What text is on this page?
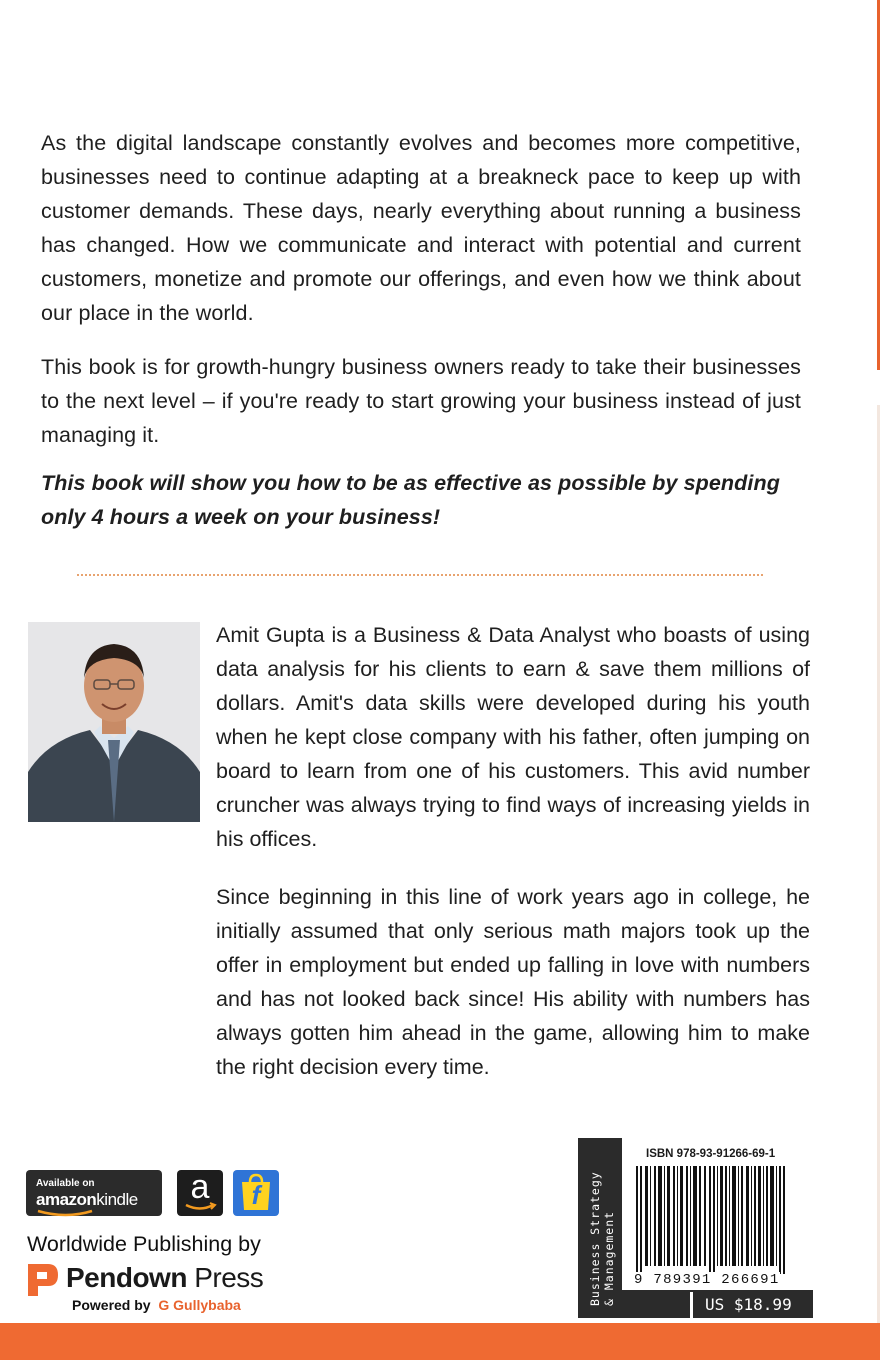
As the digital landscape constantly evolves and becomes more competitive, businesses need to continue adapting at a breakneck pace to keep up with customer demands. These days, nearly everything about running a business has changed. How we communicate and interact with potential and current customers, monetize and promote our offerings, and even how we think about our place in the world.

This book is for growth-hungry business owners ready to take their businesses to the next level – if you're ready to start growing your business instead of just managing it.

This book will show you how to be as effective as possible by spending only 4 hours a week on your business!

Amit Gupta is a Business & Data Analyst who boasts of using data analysis for his clients to earn & save them millions of dollars. Amit's data skills were developed during his youth when he kept close company with his father, often jumping on board to learn from one of his customers. This avid number cruncher was always trying to find ways of increasing yields in his offices.

Since beginning in this line of work years ago in college, he initially assumed that only serious math majors took up the offer in employment but ended up falling in love with numbers and has not looked back since! His ability with numbers has always gotten him ahead in the game, allowing him to make the right decision every time.

Available on
amazonkindle	a	f
Worldwide Publishing by
Pendown Press
Powered by  G Gullybaba	Business Strategy & Management
ISBN 978-93-91266-69-1
9 789391 266691
US $18.99
